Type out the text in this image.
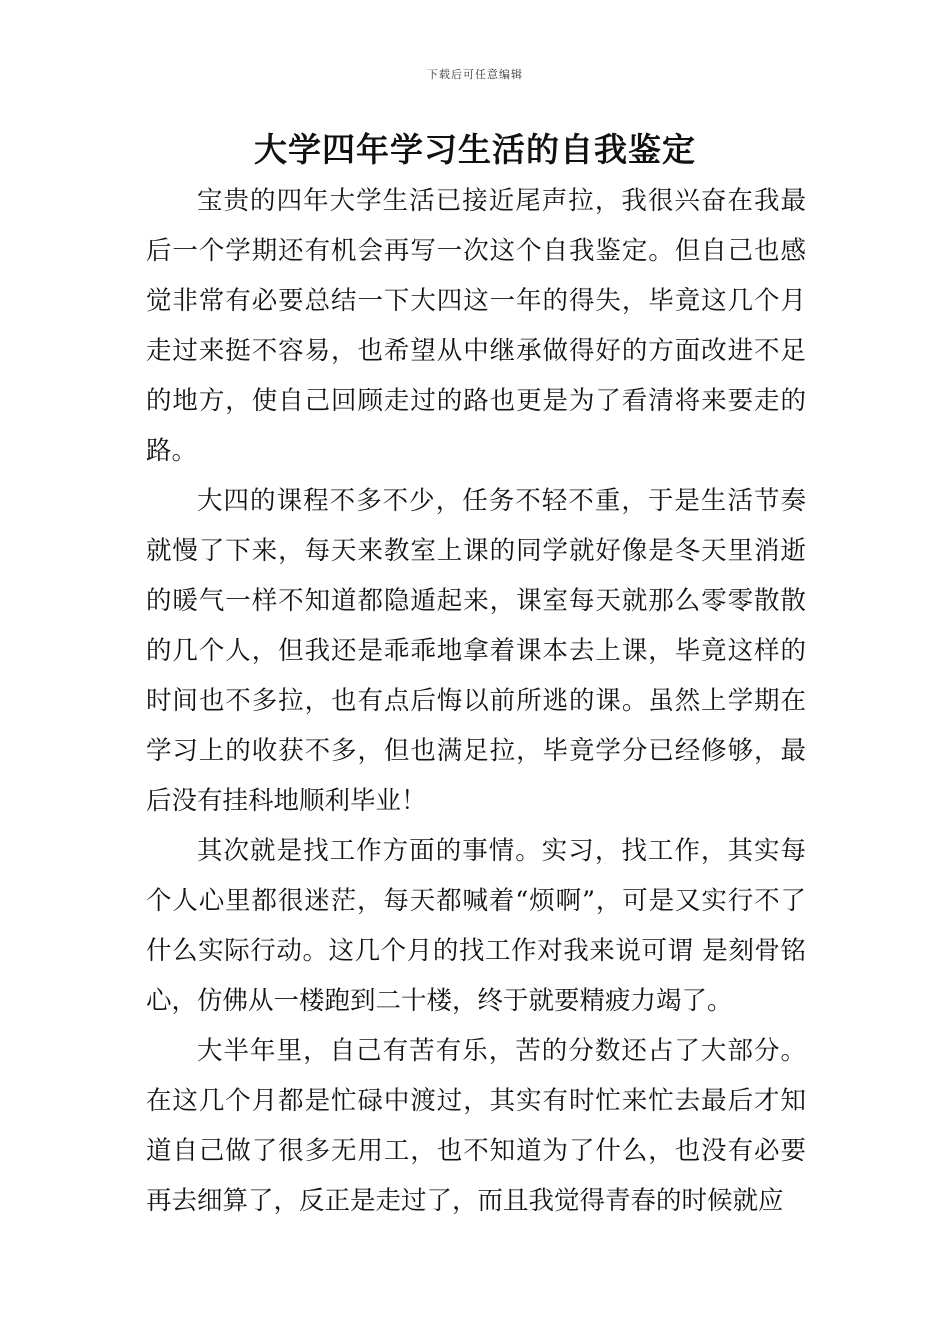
下载后可任意编辑
大学四年学习生活的自我鉴定

宝贵的四年大学生活已接近尾声拉，我很兴奋在我最后一个学期还有机会再写一次这个自我鉴定。但自己也感觉非常有必要总结一下大四这一年的得失，毕竟这几个月走过来挺不容易，也希望从中继承做得好的方面改进不足的地方，使自己回顾走过的路也更是为了看清将来要走的路。

大四的课程不多不少，任务不轻不重，于是生活节奏就慢了下来，每天来教室上课的同学就好像是冬天里消逝的暖气一样不知道都隐遁起来，课室每天就那么零零散散的几个人，但我还是乖乖地拿着课本去上课，毕竟这样的时间也不多拉，也有点后悔以前所逃的课。虽然上学期在学习上的收获不多，但也满足拉，毕竟学分已经修够，最后没有挂科地顺利毕业！

其次就是找工作方面的事情。实习，找工作，其实每个人心里都很迷茫，每天都喊着“烦啊”，可是又实行不了什么实际行动。这几个月的找工作对我来说可谓 是刻骨铭心，仿佛从一楼跑到二十楼，终于就要精疲力竭了。

大半年里，自己有苦有乐，苦的分数还占了大部分。在这几个月都是忙碌中渡过，其实有时忙来忙去最后才知道自己做了很多无用工，也不知道为了什么，也没有必要再去细算了，反正是走过了，而且我觉得青春的时候就应
